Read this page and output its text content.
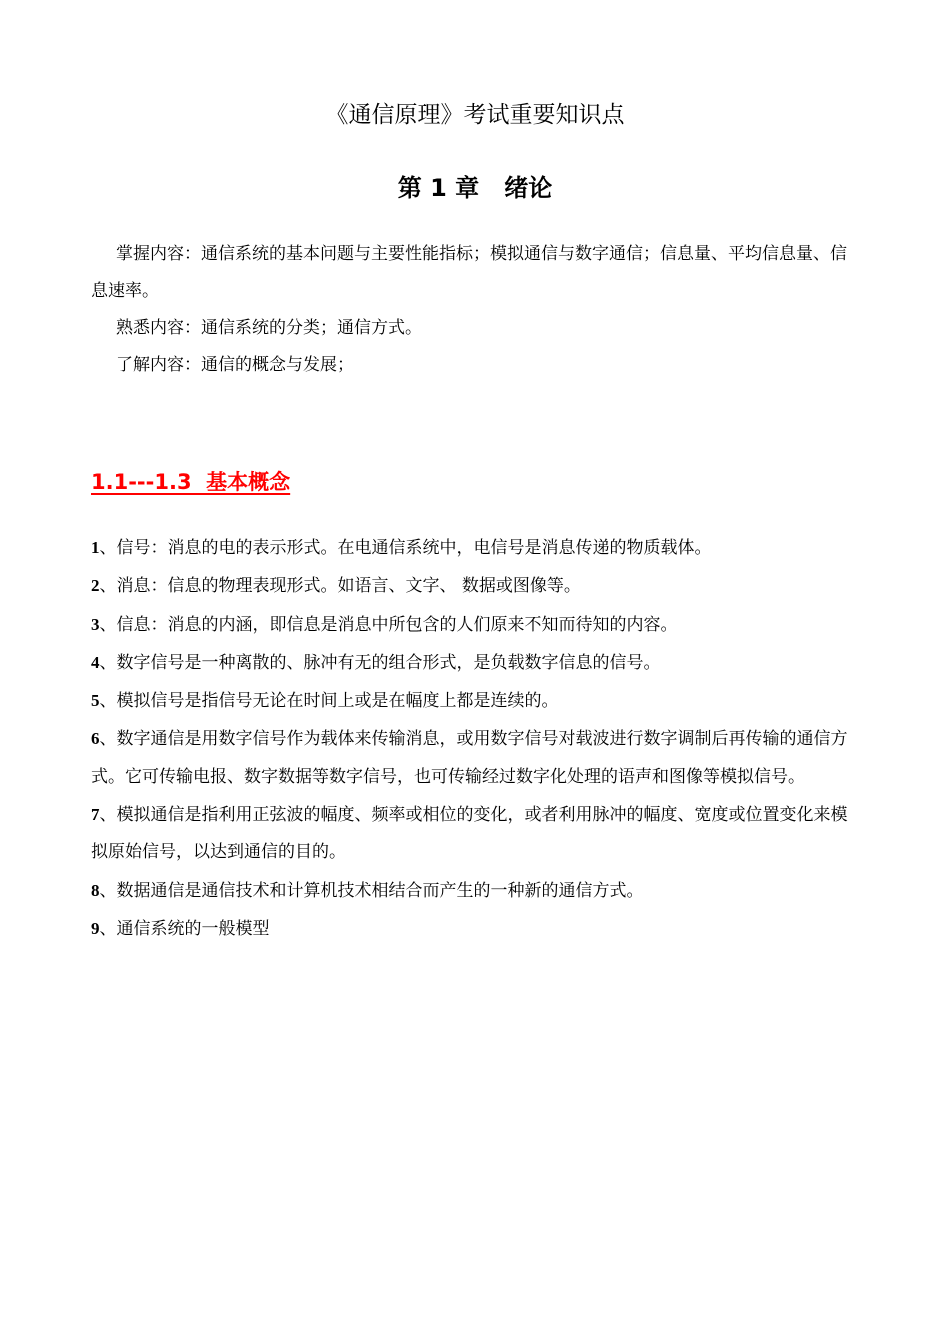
《通信原理》考试重要知识点
第 1 章   绪论

掌握内容：通信系统的基本问题与主要性能指标；模拟通信与数字通信；信息量、平均信息量、信息速率。

熟悉内容：通信系统的分类；通信方式。

了解内容：通信的概念与发展；

1.1---1.3  基本概念

1、信号：消息的电的表示形式。在电通信系统中，电信号是消息传递的物质载体。

2、消息：信息的物理表现形式。如语言、文字、 数据或图像等。

3、信息：消息的内涵，即信息是消息中所包含的人们原来不知而待知的内容。

4、数字信号是一种离散的、脉冲有无的组合形式，是负载数字信息的信号。

5、模拟信号是指信号无论在时间上或是在幅度上都是连续的。

6、数字通信是用数字信号作为载体来传输消息，或用数字信号对载波进行数字调制后再传输的通信方式。它可传输电报、数字数据等数字信号，也可传输经过数字化处理的语声和图像等模拟信号。

7、模拟通信是指利用正弦波的幅度、频率或相位的变化，或者利用脉冲的幅度、宽度或位置变化来模拟原始信号，以达到通信的目的。

8、数据通信是通信技术和计算机技术相结合而产生的一种新的通信方式。

9、通信系统的一般模型
